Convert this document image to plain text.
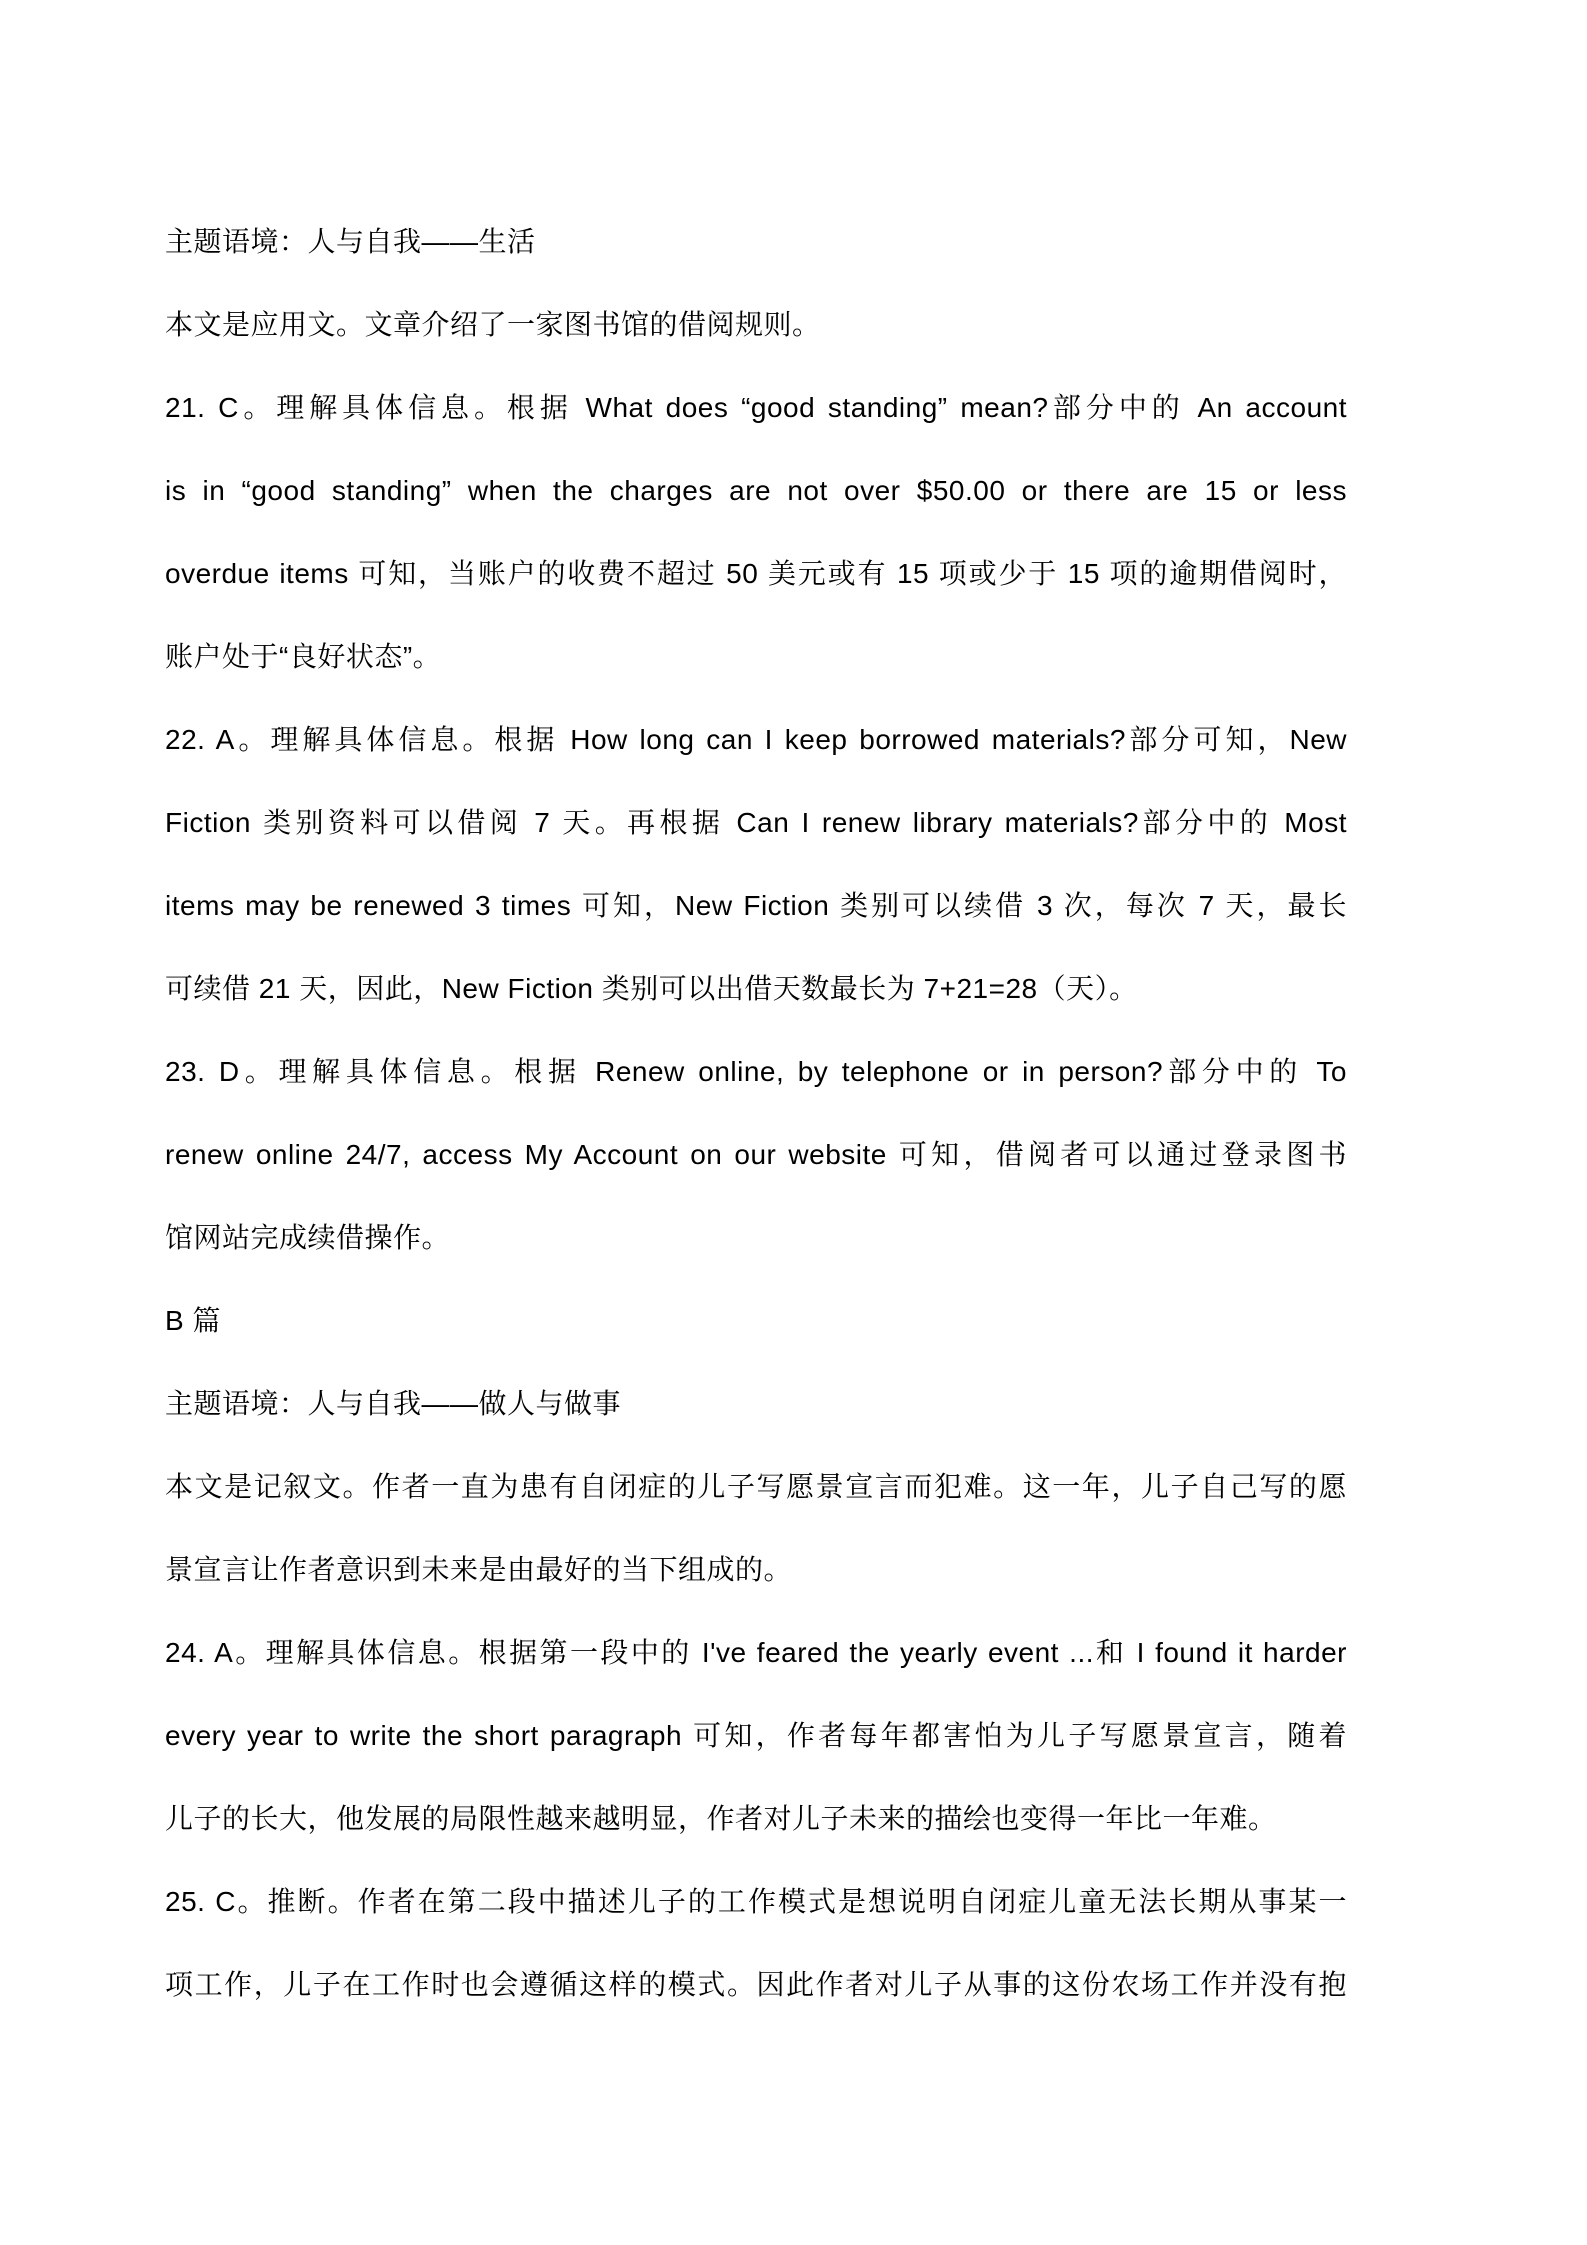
主题语境：人与自我——生活
本文是应用文。文章介绍了一家图书馆的借阅规则。
21. C。理解具体信息。根据 What does “good standing” mean?部分中的 An account
is in “good standing” when the charges are not over $50.00 or there are 15 or less
overdue items 可知，当账户的收费不超过 50 美元或有 15 项或少于 15 项的逾期借阅时，
账户处于“良好状态”。
22. A。理解具体信息。根据 How long can I keep borrowed materials?部分可知，New
Fiction 类别资料可以借阅 7 天。再根据 Can I renew library materials?部分中的 Most
items may be renewed 3 times 可知，New Fiction 类别可以续借 3 次，每次 7 天，最长
可续借 21 天，因此，New Fiction 类别可以出借天数最长为 7+21=28（天）。
23. D。理解具体信息。根据 Renew online, by telephone or in person?部分中的 To
renew online 24/7, access My Account on our website 可知，借阅者可以通过登录图书
馆网站完成续借操作。
B 篇
主题语境：人与自我——做人与做事
本文是记叙文。作者一直为患有自闭症的儿子写愿景宣言而犯难。这一年，儿子自己写的愿
景宣言让作者意识到未来是由最好的当下组成的。
24. A。理解具体信息。根据第一段中的 I've feared the yearly event ...和 I found it harder
every year to write the short paragraph 可知，作者每年都害怕为儿子写愿景宣言，随着
儿子的长大，他发展的局限性越来越明显，作者对儿子未来的描绘也变得一年比一年难。
25. C。推断。作者在第二段中描述儿子的工作模式是想说明自闭症儿童无法长期从事某一
项工作，儿子在工作时也会遵循这样的模式。因此作者对儿子从事的这份农场工作并没有抱
